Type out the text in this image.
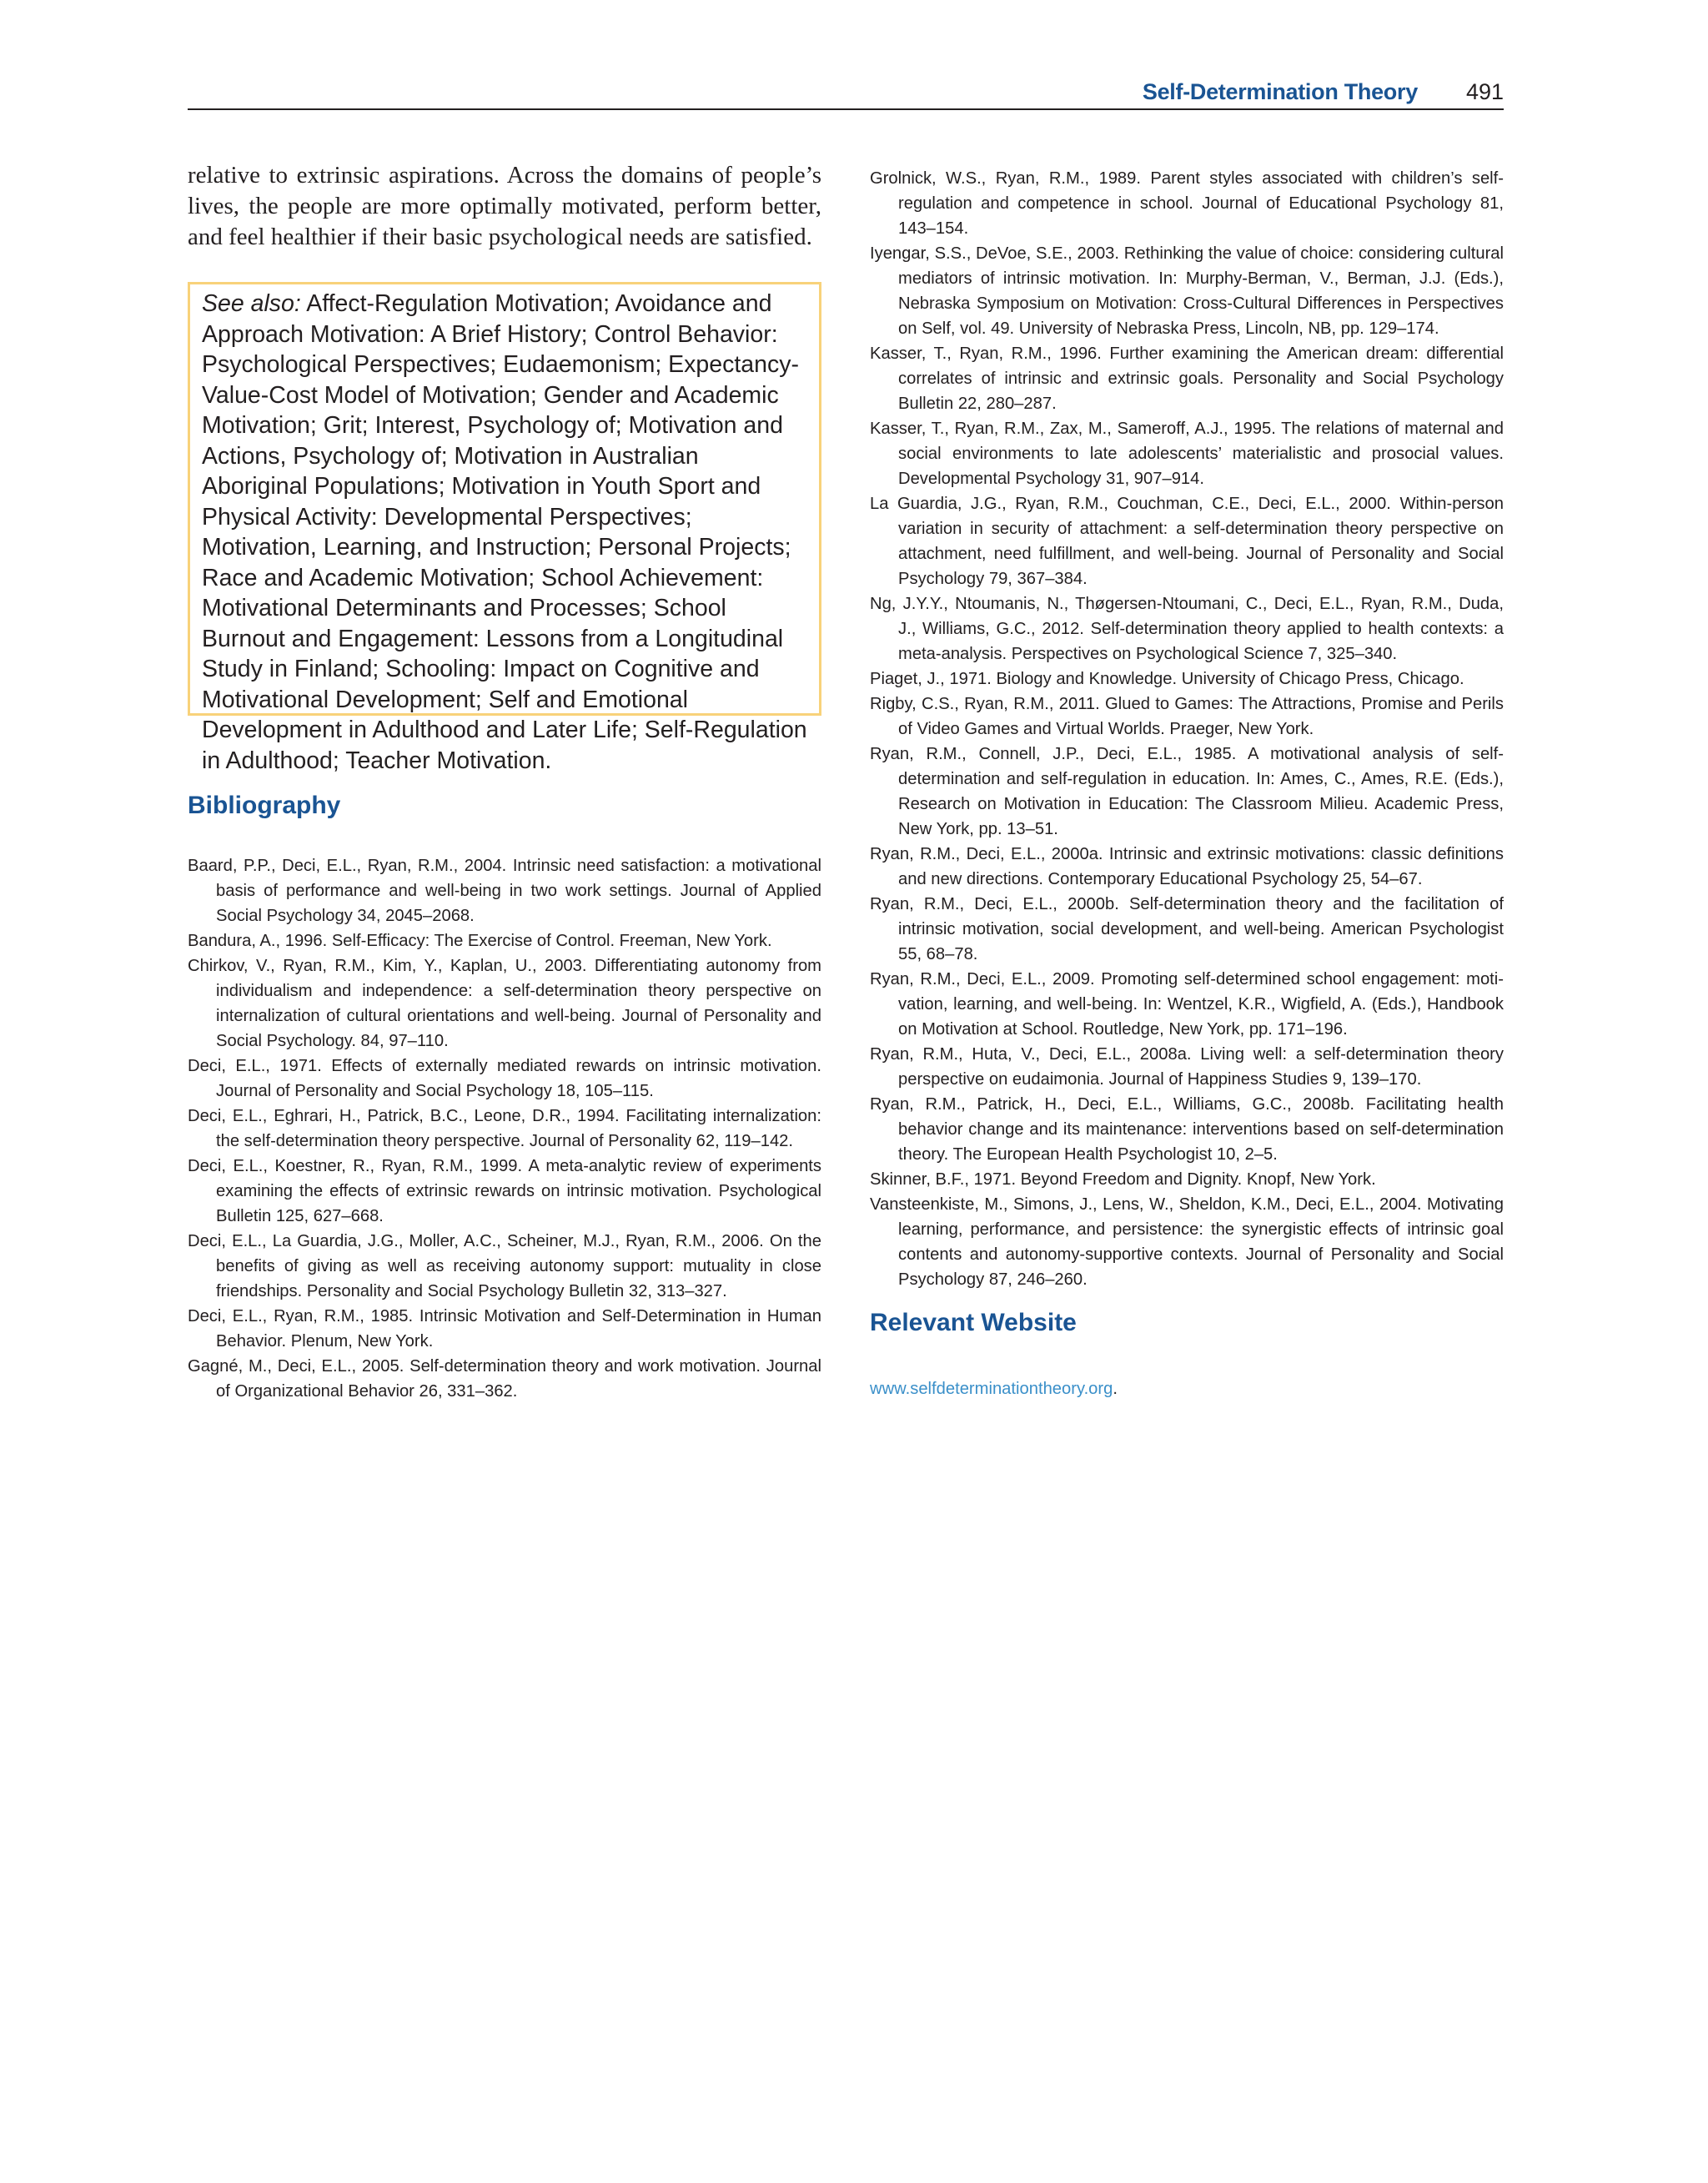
Self-Determination Theory 491

relative to extrinsic aspirations. Across the domains of people’s lives, the people are more optimally motivated, perform better, and feel healthier if their basic psychological needs are satisfied.

See also: Affect-Regulation Motivation; Avoidance and Approach Motivation: A Brief History; Control Behavior: Psychological Perspectives; Eudaemonism; Expectancy-Value-Cost Model of Motivation; Gender and Academic Motivation; Grit; Interest, Psychology of; Motivation and Actions, Psychology of; Motivation in Australian Aboriginal Populations; Motivation in Youth Sport and Physical Activity: Developmental Perspectives; Motivation, Learning, and Instruction; Personal Projects; Race and Academic Motivation; School Achievement: Motivational Determinants and Processes; School Burnout and Engagement: Lessons from a Longitudinal Study in Finland; Schooling: Impact on Cognitive and Motivational Development; Self and Emotional Development in Adulthood and Later Life; Self-Regulation in Adulthood; Teacher Motivation.
Bibliography
Baard, P.P., Deci, E.L., Ryan, R.M., 2004. Intrinsic need satisfaction: a motivational basis of performance and well-being in two work settings. Journal of Applied Social Psychology 34, 2045–2068.
Bandura, A., 1996. Self-Efficacy: The Exercise of Control. Freeman, New York.
Chirkov, V., Ryan, R.M., Kim, Y., Kaplan, U., 2003. Differentiating autonomy from individualism and independence: a self-determination theory perspective on internalization of cultural orientations and well-being. Journal of Personality and Social Psychology. 84, 97–110.
Deci, E.L., 1971. Effects of externally mediated rewards on intrinsic motivation. Journal of Personality and Social Psychology 18, 105–115.
Deci, E.L., Eghrari, H., Patrick, B.C., Leone, D.R., 1994. Facilitating internalization: the self-determination theory perspective. Journal of Personality 62, 119–142.
Deci, E.L., Koestner, R., Ryan, R.M., 1999. A meta-analytic review of experiments examining the effects of extrinsic rewards on intrinsic motivation. Psychological Bulletin 125, 627–668.
Deci, E.L., La Guardia, J.G., Moller, A.C., Scheiner, M.J., Ryan, R.M., 2006. On the benefits of giving as well as receiving autonomy support: mutuality in close friendships. Personality and Social Psychology Bulletin 32, 313–327.
Deci, E.L., Ryan, R.M., 1985. Intrinsic Motivation and Self-Determination in Human Behavior. Plenum, New York.
Gagné, M., Deci, E.L., 2005. Self-determination theory and work motivation. Journal of Organizational Behavior 26, 331–362.
Grolnick, W.S., Ryan, R.M., 1989. Parent styles associated with children’s self-regulation and competence in school. Journal of Educational Psychology 81, 143–154.
Iyengar, S.S., DeVoe, S.E., 2003. Rethinking the value of choice: considering cultural mediators of intrinsic motivation. In: Murphy-Berman, V., Berman, J.J. (Eds.), Nebraska Symposium on Motivation: Cross-Cultural Differences in Perspectives on Self, vol. 49. University of Nebraska Press, Lincoln, NB, pp. 129–174.
Kasser, T., Ryan, R.M., 1996. Further examining the American dream: differential correlates of intrinsic and extrinsic goals. Personality and Social Psychology Bulletin 22, 280–287.
Kasser, T., Ryan, R.M., Zax, M., Sameroff, A.J., 1995. The relations of maternal and social environments to late adolescents’ materialistic and prosocial values. Developmental Psychology 31, 907–914.
La Guardia, J.G., Ryan, R.M., Couchman, C.E., Deci, E.L., 2000. Within-person variation in security of attachment: a self-determination theory perspective on attachment, need fulfillment, and well-being. Journal of Personality and Social Psychology 79, 367–384.
Ng, J.Y.Y., Ntoumanis, N., Thøgersen-Ntoumani, C., Deci, E.L., Ryan, R.M., Duda, J., Williams, G.C., 2012. Self-determination theory applied to health contexts: a meta-analysis. Perspectives on Psychological Science 7, 325–340.
Piaget, J., 1971. Biology and Knowledge. University of Chicago Press, Chicago.
Rigby, C.S., Ryan, R.M., 2011. Glued to Games: The Attractions, Promise and Perils of Video Games and Virtual Worlds. Praeger, New York.
Ryan, R.M., Connell, J.P., Deci, E.L., 1985. A motivational analysis of self-determination and self-regulation in education. In: Ames, C., Ames, R.E. (Eds.), Research on Motivation in Education: The Classroom Milieu. Academic Press, New York, pp. 13–51.
Ryan, R.M., Deci, E.L., 2000a. Intrinsic and extrinsic motivations: classic definitions and new directions. Contemporary Educational Psychology 25, 54–67.
Ryan, R.M., Deci, E.L., 2000b. Self-determination theory and the facilitation of intrinsic motivation, social development, and well-being. American Psychologist 55, 68–78.
Ryan, R.M., Deci, E.L., 2009. Promoting self-determined school engagement: moti-vation, learning, and well-being. In: Wentzel, K.R., Wigfield, A. (Eds.), Handbook on Motivation at School. Routledge, New York, pp. 171–196.
Ryan, R.M., Huta, V., Deci, E.L., 2008a. Living well: a self-determination theory perspective on eudaimonia. Journal of Happiness Studies 9, 139–170.
Ryan, R.M., Patrick, H., Deci, E.L., Williams, G.C., 2008b. Facilitating health behavior change and its maintenance: interventions based on self-determination theory. The European Health Psychologist 10, 2–5.
Skinner, B.F., 1971. Beyond Freedom and Dignity. Knopf, New York.
Vansteenkiste, M., Simons, J., Lens, W., Sheldon, K.M., Deci, E.L., 2004. Motivating learning, performance, and persistence: the synergistic effects of intrinsic goal contents and autonomy-supportive contexts. Journal of Personality and Social Psychology 87, 246–260.
Relevant Website

www.selfdeterminationtheory.org.
